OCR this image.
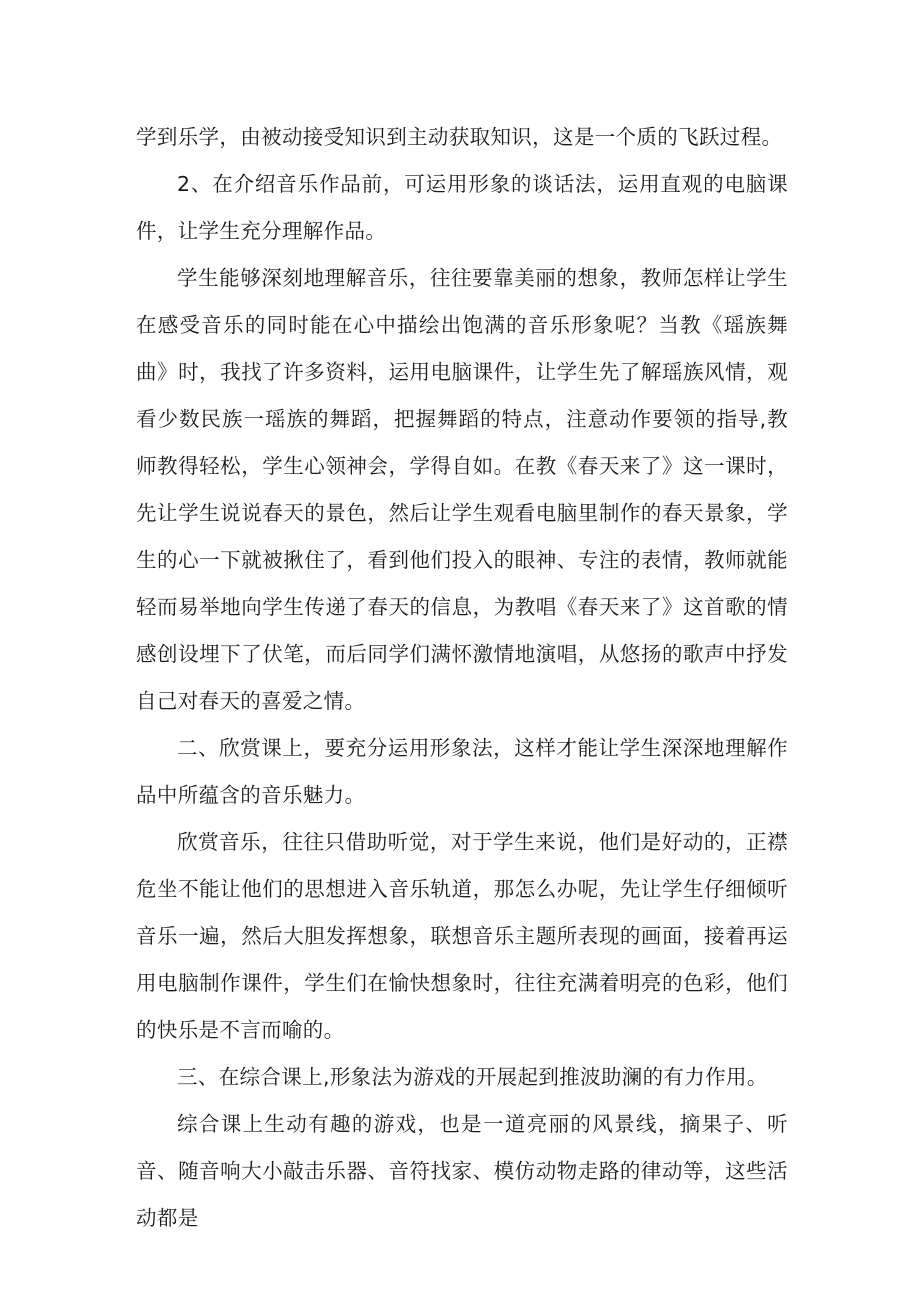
学到乐学，由被动接受知识到主动获取知识，这是一个质的飞跃过程。

2、在介绍音乐作品前，可运用形象的谈话法，运用直观的电脑课件，让学生充分理解作品。

学生能够深刻地理解音乐，往往要靠美丽的想象，教师怎样让学生在感受音乐的同时能在心中描绘出饱满的音乐形象呢？当教《瑶族舞曲》时，我找了许多资料，运用电脑课件，让学生先了解瑶族风情，观看少数民族一瑶族的舞蹈，把握舞蹈的特点，注意动作要领的指导,教师教得轻松，学生心领神会，学得自如。在教《春天来了》这一课时，先让学生说说春天的景色，然后让学生观看电脑里制作的春天景象，学生的心一下就被揪住了，看到他们投入的眼神、专注的表情，教师就能轻而易举地向学生传递了春天的信息，为教唱《春天来了》这首歌的情感创设埋下了伏笔，而后同学们满怀激情地演唱，从悠扬的歌声中抒发自己对春天的喜爱之情。

二、欣赏课上，要充分运用形象法，这样才能让学生深深地理解作品中所蕴含的音乐魅力。

欣赏音乐，往往只借助听觉，对于学生来说，他们是好动的，正襟危坐不能让他们的思想进入音乐轨道，那怎么办呢，先让学生仔细倾听音乐一遍，然后大胆发挥想象，联想音乐主题所表现的画面，接着再运用电脑制作课件，学生们在愉快想象时，往往充满着明亮的色彩，他们的快乐是不言而喻的。

三、在综合课上,形象法为游戏的开展起到推波助澜的有力作用。

综合课上生动有趣的游戏，也是一道亮丽的风景线，摘果子、听音、随音响大小敲击乐器、音符找家、模仿动物走路的律动等，这些活动都是
